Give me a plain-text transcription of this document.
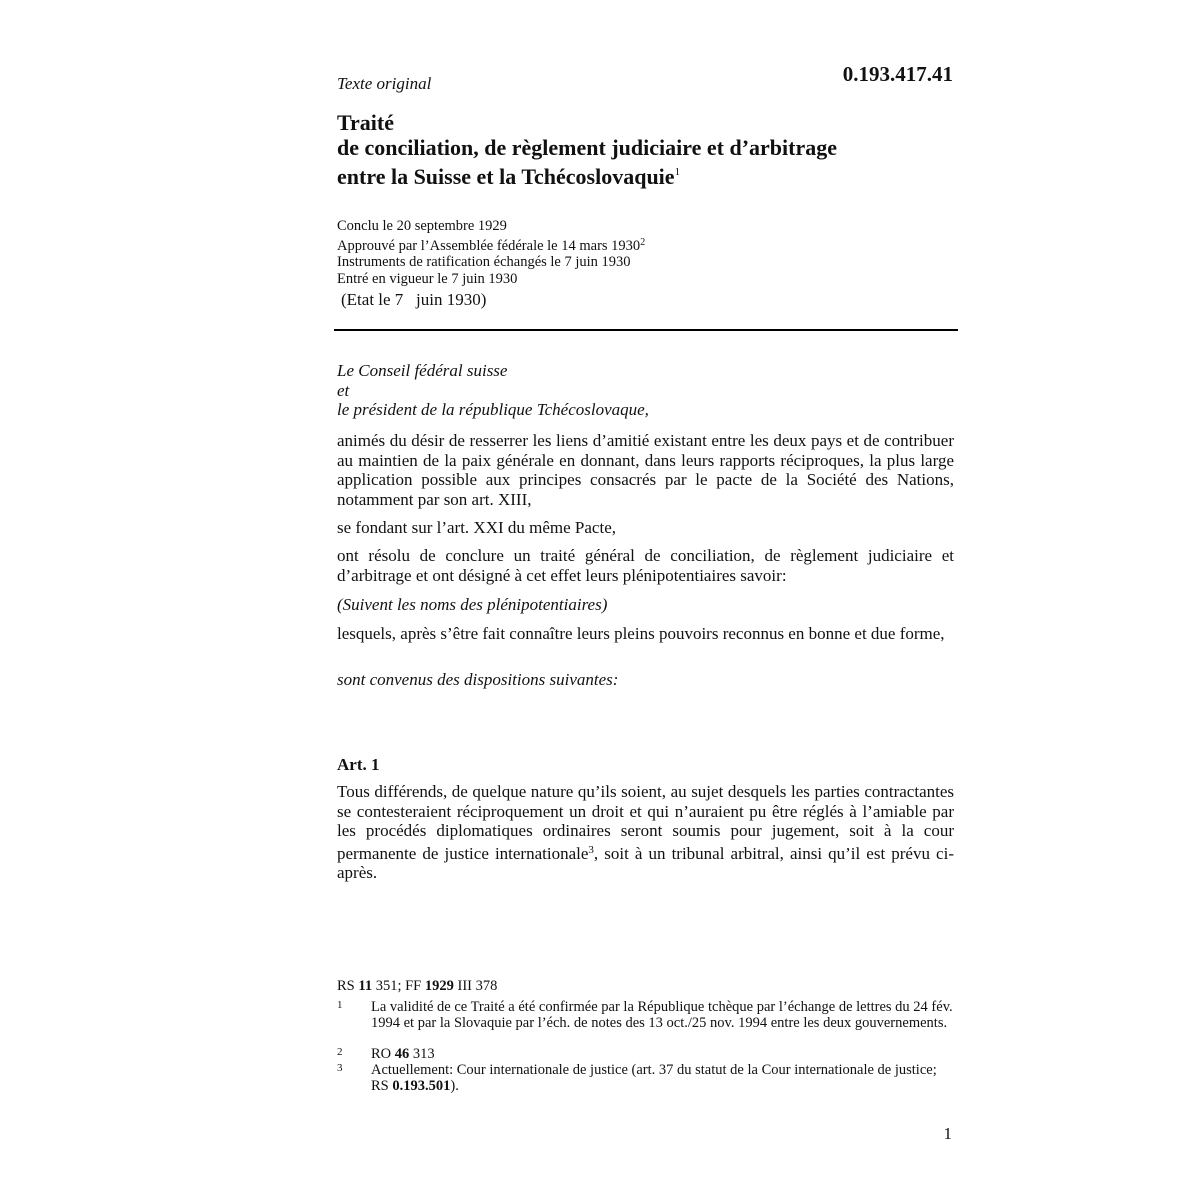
0.193.417.41
Texte original
Traité
de conciliation, de règlement judiciaire et d’arbitrage
entre la Suisse et la Tchécoslovaquie$^1$
Conclu le 20 septembre 1929
Approuvé par l’Assemblée fédérale le 14 mars 1930$^2$
Instruments de ratification échangés le 7 juin 1930
Entré en vigueur le 7 juin 1930
(Etat le 7   juin 1930)
Le Conseil fédéral suisse
et
le président de la république Tchécoslovaque,
animés du désir de resserrer les liens d’amitié existant entre les deux pays et de contribuer au maintien de la paix générale en donnant, dans leurs rapports réciproques, la plus large application possible aux principes consacrés par le pacte de la Société des Nations, notamment par son art. XIII,
se fondant sur l’art. XXI du même Pacte,
ont résolu de conclure un traité général de conciliation, de règlement judiciaire et d’arbitrage et ont désigné à cet effet leurs plénipotentiaires savoir:
(Suivent les noms des plénipotentiaires)
lesquels, après s’être fait connaître leurs pleins pouvoirs reconnus en bonne et due forme,
sont convenus des dispositions suivantes:
Art. 1
Tous différends, de quelque nature qu’ils soient, au sujet desquels les parties contractantes se contesteraient réciproquement un droit et qui n’auraient pu être réglés à l’amiable par les procédés diplomatiques ordinaires seront soumis pour jugement, soit à la cour permanente de justice internationale$^3$, soit à un tribunal arbitral, ainsi qu’il est prévu ci-après.
RS 11 351; FF 1929 III 378
1 La validité de ce Traité a été confirmée par la République tchèque par l’échange de lettres du 24 fév. 1994 et par la Slovaquie par l’éch. de notes des 13 oct./25 nov. 1994 entre les deux gouvernements.
2 RO 46 313
3 Actuellement: Cour internationale de justice (art. 37 du statut de la Cour internationale de justice; RS 0.193.501).
1
